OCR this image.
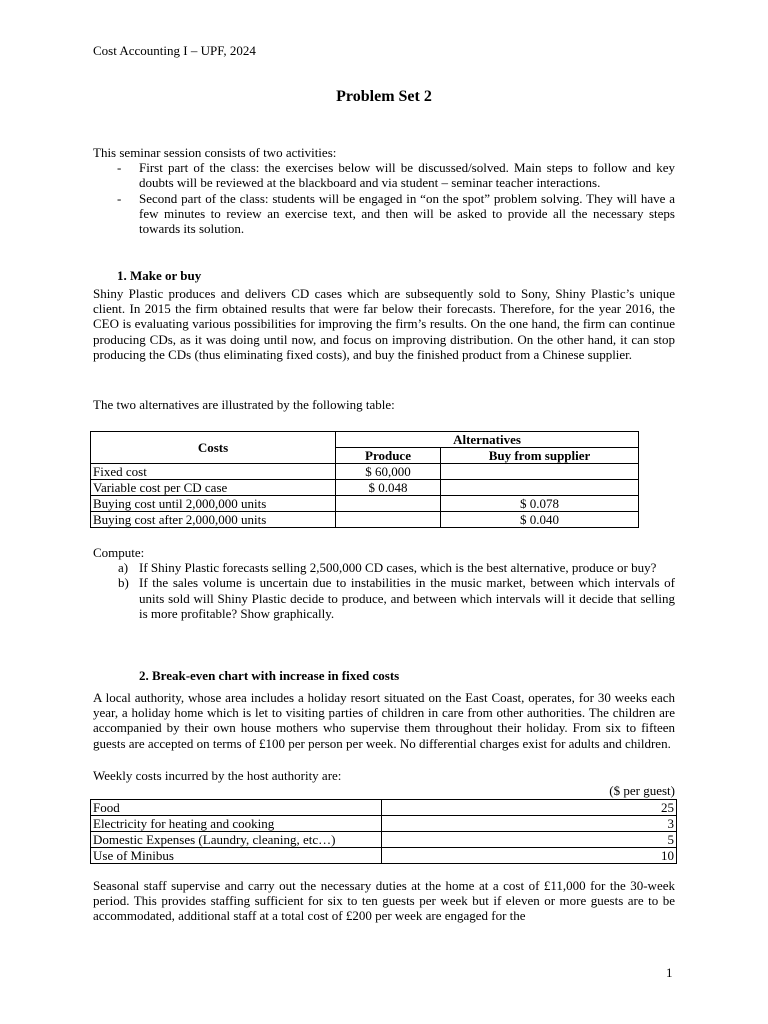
Cost Accounting I – UPF, 2024
Problem Set 2
This seminar session consists of two activities:
- First part of the class: the exercises below will be discussed/solved. Main steps to follow and key doubts will be reviewed at the blackboard and via student – seminar teacher interactions.
- Second part of the class: students will be engaged in “on the spot” problem solving. They will have a few minutes to review an exercise text, and then will be asked to provide all the necessary steps towards its solution.
1. Make or buy
Shiny Plastic produces and delivers CD cases which are subsequently sold to Sony, Shiny Plastic’s unique client. In 2015 the firm obtained results that were far below their forecasts. Therefore, for the year 2016, the CEO is evaluating various possibilities for improving the firm’s results. On the one hand, the firm can continue producing CDs, as it was doing until now, and focus on improving distribution. On the other hand, it can stop producing the CDs (thus eliminating fixed costs), and buy the finished product from a Chinese supplier.
The two alternatives are illustrated by the following table:
Costs	Alternatives	
	Produce	Buy from supplier
Fixed cost	$ 60,000	
Variable cost per CD case	$ 0.048	
Buying cost until 2,000,000 units		$ 0.078
Buying cost after 2,000,000 units		$ 0.040
Compute:
a) If Shiny Plastic forecasts selling 2,500,000 CD cases, which is the best alternative, produce or buy?
b) If the sales volume is uncertain due to instabilities in the music market, between which intervals of units sold will Shiny Plastic decide to produce, and between which intervals will it decide that selling is more profitable? Show graphically.
2. Break-even chart with increase in fixed costs
A local authority, whose area includes a holiday resort situated on the East Coast, operates, for 30 weeks each year, a holiday home which is let to visiting parties of children in care from other authorities. The children are accompanied by their own house mothers who supervise them throughout their holiday. From six to fifteen guests are accepted on terms of £100 per person per week. No differential charges exist for adults and children.
Weekly costs incurred by the host authority are:
($ per guest)
Food	25
Electricity for heating and cooking	3
Domestic Expenses (Laundry, cleaning, etc…)	5
Use of Minibus	10
Seasonal staff supervise and carry out the necessary duties at the home at a cost of £11,000 for the 30-week period. This provides staffing sufficient for six to ten guests per week but if eleven or more guests are to be accommodated, additional staff at a total cost of £200 per week are engaged for the
1
